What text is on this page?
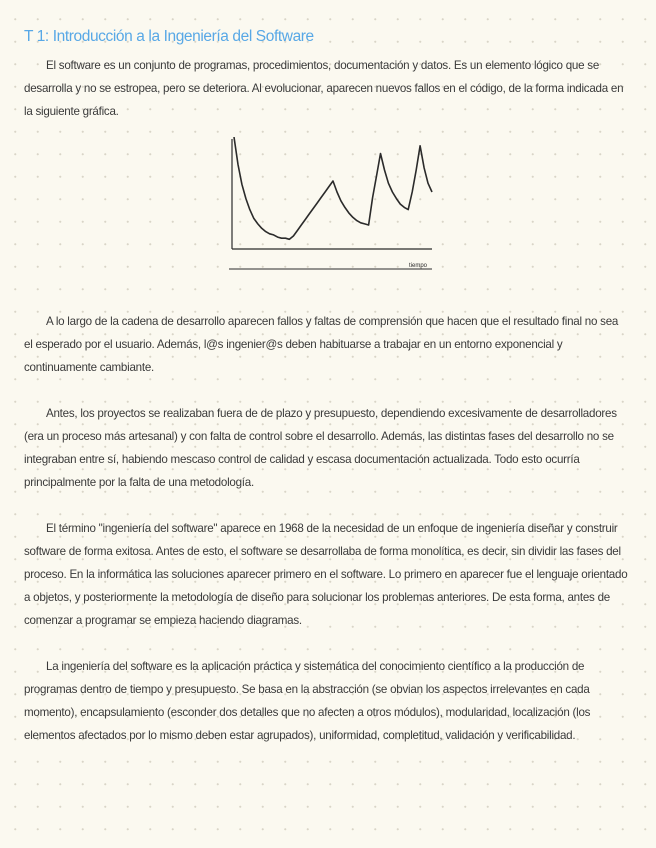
T 1: Introducción a la Ingeniería del Software

El software es un conjunto de programas, procedimientos, documentación y datos. Es un elemento lógico que se desarrolla y no se estropea, pero se deteriora. Al evolucionar, aparecen nuevos fallos en el código, de la forma indicada en la siguiente gráfica.

tiempo

A lo largo de la cadena de desarrollo aparecen fallos y faltas de comprensión que hacen que el resultado final no sea el esperado por el usuario. Además, l@s ingenier@s deben habituarse a trabajar en un entorno exponencial y continuamente cambiante.

Antes, los proyectos se realizaban fuera de de plazo y presupuesto, dependiendo excesivamente de desarrolladores (era un proceso más artesanal) y con falta de control sobre el desarrollo. Además, las distintas fases del desarrollo no se integraban entre sí, habiendo mescaso control de calidad y escasa documentación actualizada. Todo esto ocurría principalmente por la falta de una metodología.

El término "ingeniería del software" aparece en 1968 de la necesidad de un enfoque de ingeniería diseñar y construir software de forma exitosa. Antes de esto, el software se desarrollaba de forma monolítica, es decir, sin dividir las fases del proceso. En la informática las soluciones aparecer primero en el software. Lo primero en aparecer fue el lenguaje orientado a objetos, y posteriormente la metodología de diseño para solucionar los problemas anteriores. De esta forma, antes de comenzar a programar se empieza haciendo diagramas.

La ingeniería del software es la aplicación práctica y sistemática del conocimiento científico a la producción de programas dentro de tiempo y presupuesto. Se basa en la abstracción (se obvian los aspectos irrelevantes en cada momento), encapsulamiento (esconder dos detalles que no afecten a otros módulos), modularidad, localización (los elementos afectados por lo mismo deben estar agrupados), uniformidad, completitud, validación y verificabilidad.
